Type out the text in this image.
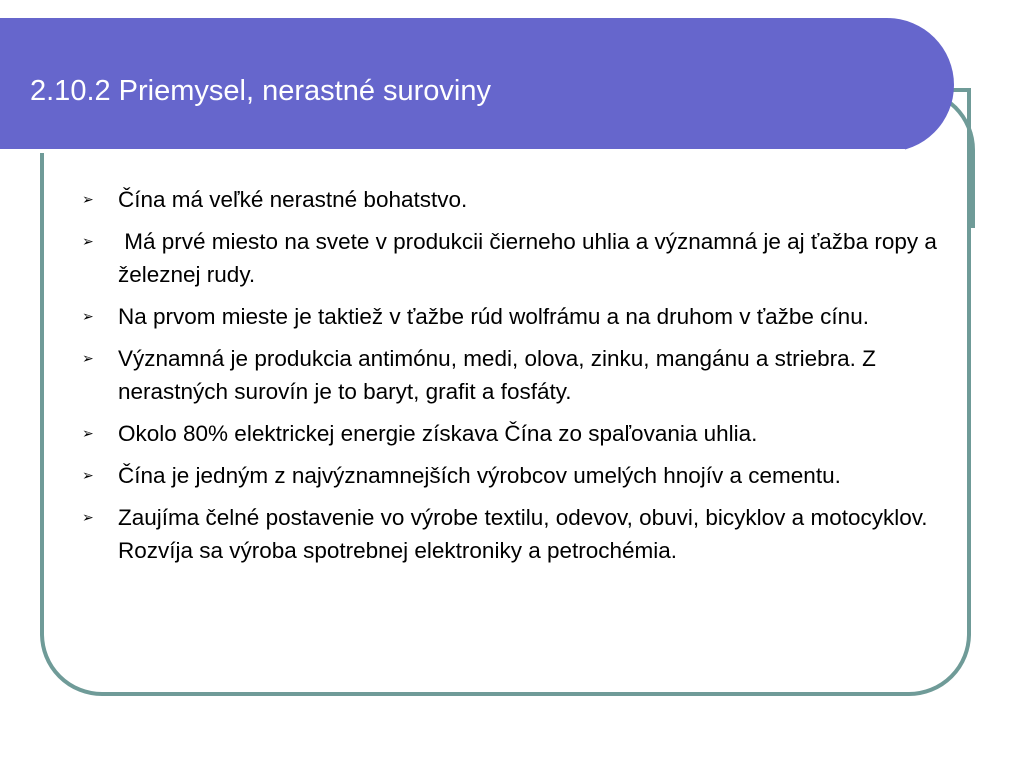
2.10.2 Priemysel, nerastné suroviny
➢ Čína má veľké nerastné bohatstvo.
➢ Má prvé miesto na svete v produkcii čierneho uhlia a významná je aj ťažba ropy a železnej rudy.
➢ Na prvom mieste je taktiež v ťažbe rúd wolfrámu a na druhom v ťažbe cínu.
➢ Významná je produkcia antimónu, medi, olova, zinku, mangánu a striebra. Z nerastných surovín je to baryt, grafit a fosfáty.
➢ Okolo 80% elektrickej energie získava Čína zo spaľovania uhlia.
➢ Čína je jedným z najvýznamnejších výrobcov umelých hnojív a cementu.
➢ Zaujíma čelné postavenie vo výrobe textilu, odevov, obuvi, bicyklov a motocyklov. Rozvíja sa výroba spotrebnej elektroniky a petrochémia.
